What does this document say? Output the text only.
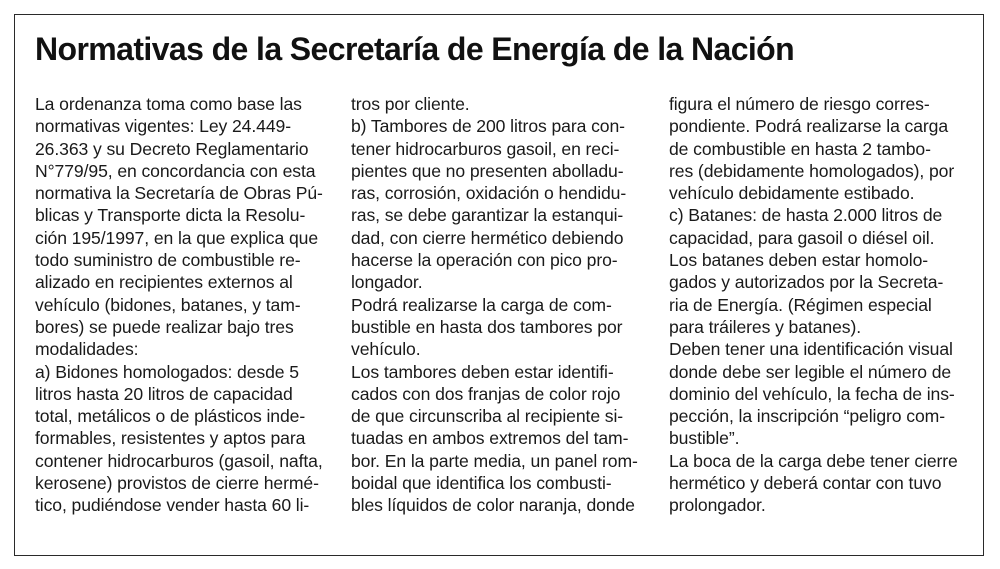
Normativas de la Secretaría de Energía de la Nación

La ordenanza toma como base las

normativas vigentes: Ley 24.449-

26.363 y su Decreto Reglamentario

N°779/95, en concordancia con esta

normativa la Secretaría de Obras Pú-

blicas y Transporte dicta la Resolu-

ción 195/1997, en la que explica que

todo suministro de combustible re-

alizado en recipientes externos al

vehículo (bidones, batanes, y tam-

bores) se puede realizar bajo tres

modalidades:

a) Bidones homologados: desde 5

litros hasta 20 litros de capacidad

total, metálicos o de plásticos inde-

formables, resistentes y aptos para

contener hidrocarburos (gasoil, nafta,

kerosene) provistos de cierre hermé-

tico, pudiéndose vender hasta 60 li-

tros por cliente.

b) Tambores de 200 litros para con-

tener hidrocarburos gasoil, en reci-

pientes que no presenten abolladu-

ras, corrosión, oxidación o hendidu-

ras, se debe garantizar la estanqui-

dad, con cierre hermético debiendo

hacerse la operación con pico pro-

longador.

Podrá realizarse la carga de com-

bustible en hasta dos tambores por

vehículo.

Los tambores deben estar identifi-

cados con dos franjas de color rojo

de que circunscriba al recipiente si-

tuadas en ambos extremos del tam-

bor. En la parte media, un panel rom-

boidal que identifica los combusti-

bles líquidos de color naranja, donde

figura el número de riesgo corres-

pondiente. Podrá realizarse la carga

de combustible en hasta 2 tambo-

res (debidamente homologados), por

vehículo debidamente estibado.

c) Batanes: de hasta 2.000 litros de

capacidad, para gasoil o diésel oil.

Los batanes deben estar homolo-

gados y autorizados por la Secreta-

ria de Energía. (Régimen especial

para tráileres y batanes).

Deben tener una identificación visual

donde debe ser legible el número de

dominio del vehículo, la fecha de ins-

pección, la inscripción “peligro com-

bustible”.

La boca de la carga debe tener cierre

hermético y deberá contar con tuvo

prolongador.
